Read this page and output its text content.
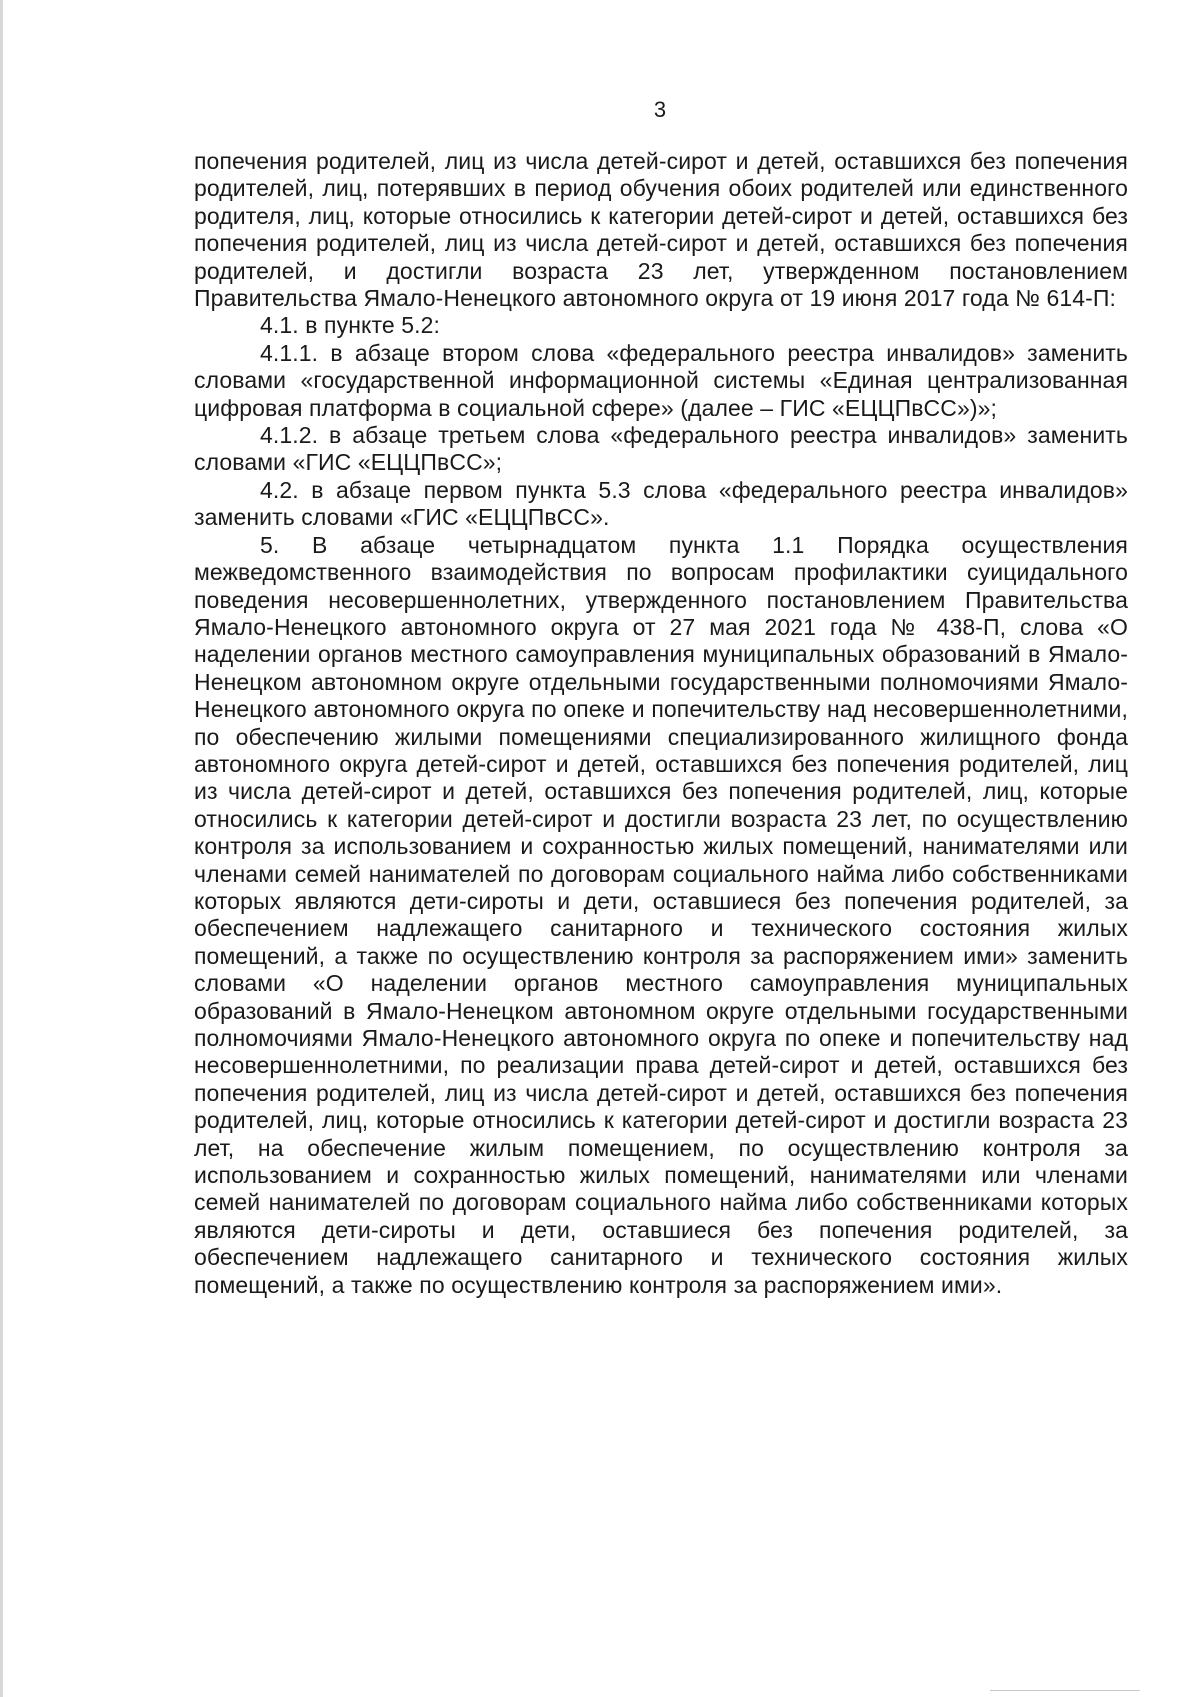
3

попечения родителей, лиц из числа детей-сирот и детей, оставшихся без попечения родителей, лиц, потерявших в период обучения обоих родителей или единственного родителя, лиц, которые относились к категории детей-сирот и детей, оставшихся без попечения родителей, лиц из числа детей-сирот и детей, оставшихся без попечения родителей, и достигли возраста 23 лет, утвержденном постановлением Правительства Ямало-Ненецкого автономного округа от 19 июня 2017 года № 614-П:

4.1. в пункте 5.2:

4.1.1. в абзаце втором слова «федерального реестра инвалидов» заменить словами «государственной информационной системы «Единая централизованная цифровая платформа в социальной сфере» (далее – ГИС «ЕЦЦПвСС»)»;

4.1.2. в абзаце третьем слова «федерального реестра инвалидов» заменить словами «ГИС «ЕЦЦПвСС»;

4.2. в абзаце первом пункта 5.3 слова «федерального реестра инвалидов» заменить словами «ГИС «ЕЦЦПвСС».

5. В абзаце четырнадцатом пункта 1.1 Порядка осуществления межведомственного взаимодействия по вопросам профилактики суицидального поведения несовершеннолетних, утвержденного постановлением Правительства Ямало-Ненецкого автономного округа от 27 мая 2021 года № 438-П, слова «О наделении органов местного самоуправления муниципальных образований в Ямало-Ненецком автономном округе отдельными государственными полномочиями Ямало-Ненецкого автономного округа по опеке и попечительству над несовершеннолетними, по обеспечению жилыми помещениями специализированного жилищного фонда автономного округа детей-сирот и детей, оставшихся без попечения родителей, лиц из числа детей-сирот и детей, оставшихся без попечения родителей, лиц, которые относились к категории детей-сирот и достигли возраста 23 лет, по осуществлению контроля за использованием и сохранностью жилых помещений, нанимателями или членами семей нанимателей по договорам социального найма либо собственниками которых являются дети-сироты и дети, оставшиеся без попечения родителей, за обеспечением надлежащего санитарного и технического состояния жилых помещений, а также по осуществлению контроля за распоряжением ими» заменить словами «О наделении органов местного самоуправления муниципальных образований в Ямало-Ненецком автономном округе отдельными государственными полномочиями Ямало-Ненецкого автономного округа по опеке и попечительству над несовершеннолетними, по реализации права детей-сирот и детей, оставшихся без попечения родителей, лиц из числа детей-сирот и детей, оставшихся без попечения родителей, лиц, которые относились к категории детей-сирот и достигли возраста 23 лет, на обеспечение жилым помещением, по осуществлению контроля за использованием и сохранностью жилых помещений, нанимателями или членами семей нанимателей по договорам социального найма либо собственниками которых являются дети-сироты и дети, оставшиеся без попечения родителей, за обеспечением надлежащего санитарного и технического состояния жилых помещений, а также по осуществлению контроля за распоряжением ими».
